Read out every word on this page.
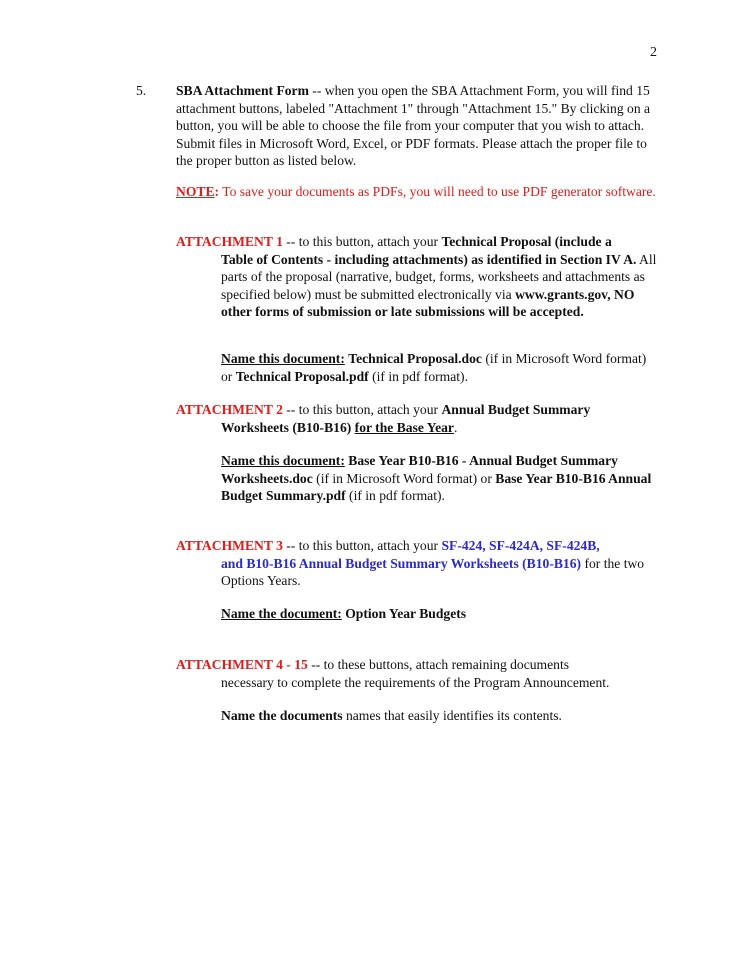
2
5. SBA Attachment Form -- when you open the SBA Attachment Form, you will find 15 attachment buttons, labeled "Attachment 1" through "Attachment 15." By clicking on a button, you will be able to choose the file from your computer that you wish to attach. Submit files in Microsoft Word, Excel, or PDF formats. Please attach the proper file to the proper button as listed below.
NOTE: To save your documents as PDFs, you will need to use PDF generator software.
ATTACHMENT 1 -- to this button, attach your Technical Proposal (include a
Table of Contents - including attachments) as identified in Section IV A. All parts of the proposal (narrative, budget, forms, worksheets and attachments as specified below) must be submitted electronically via www.grants.gov, NO other forms of submission or late submissions will be accepted.
Name this document: Technical Proposal.doc (if in Microsoft Word format) or Technical Proposal.pdf (if in pdf format).
ATTACHMENT 2 -- to this button, attach your Annual Budget Summary
Worksheets (B10-B16) for the Base Year.
Name this document: Base Year B10-B16 - Annual Budget Summary Worksheets.doc (if in Microsoft Word format) or Base Year B10-B16 Annual Budget Summary.pdf (if in pdf format).
ATTACHMENT 3 -- to this button, attach your SF-424, SF-424A, SF-424B,
and B10-B16 Annual Budget Summary Worksheets (B10-B16) for the two Options Years.
Name the document: Option Year Budgets
ATTACHMENT 4 - 15 -- to these buttons, attach remaining documents
necessary to complete the requirements of the Program Announcement.
Name the documents names that easily identifies its contents.
